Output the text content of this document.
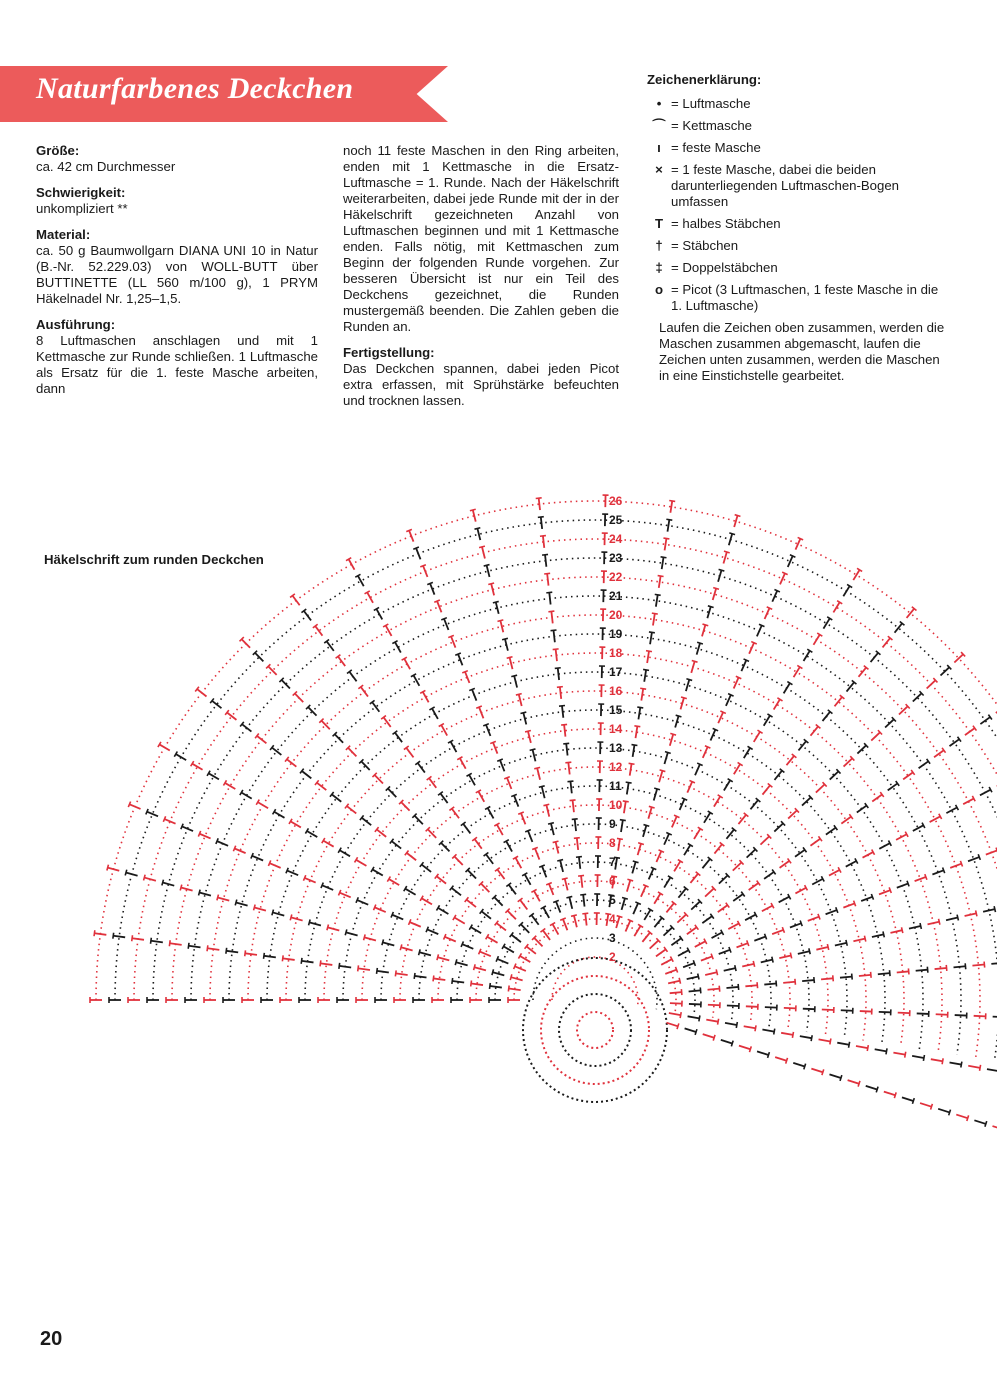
Naturfarbenes Deckchen
Größe:
ca. 42 cm Durchmesser
Schwierigkeit:
unkompliziert **
Material:
ca. 50 g Baumwollgarn DIANA UNI 10 in Natur (B.-Nr. 52.229.03) von WOLL-BUTT über BUTTINETTE (LL 560 m/100 g), 1 PRYM Häkelnadel Nr. 1,25–1,5.
Ausführung:
8 Luftmaschen anschlagen und mit 1 Kettmasche zur Runde schließen. 1 Luftmasche als Ersatz für die 1. feste Masche arbeiten, dann
noch 11 feste Maschen in den Ring arbeiten, enden mit 1 Kettmasche in die Ersatz-Luftmasche = 1. Runde. Nach der Häkelschrift weiterarbeiten, dabei jede Runde mit der in der Häkelschrift gezeichneten Anzahl von Luftmaschen beginnen und mit 1 Kettmasche enden. Falls nötig, mit Kettmaschen zum Beginn der folgenden Runde vorgehen. Zur besseren Übersicht ist nur ein Teil des Deckchens gezeichnet, die Runden mustergemäß beenden. Die Zahlen geben die Runden an.
Fertigstellung:
Das Deckchen spannen, dabei jeden Picot extra erfassen, mit Sprühstärke befeuchten und trocknen lassen.
Zeichenerklärung:
• = Luftmasche
⌒ = Kettmasche
ı = feste Masche
× = 1 feste Masche, dabei die beiden darunterliegenden Luftmaschen-Bogen umfassen
T = halbes Stäbchen
† = Stäbchen
‡ = Doppelstäbchen
o = Picot (3 Luftmaschen, 1 feste Masche in die 1. Luftmasche)
Laufen die Zeichen oben zusammen, werden die Maschen zusammen abgemascht, laufen die Zeichen unten zusammen, werden die Maschen in eine Einstichstelle gearbeitet.
Häkelschrift zum runden Deckchen
2
3
4
5
6
7
8
9
10
11
12
13
14
15
16
17
18
19
20
21
22
23
24
25
26
20
